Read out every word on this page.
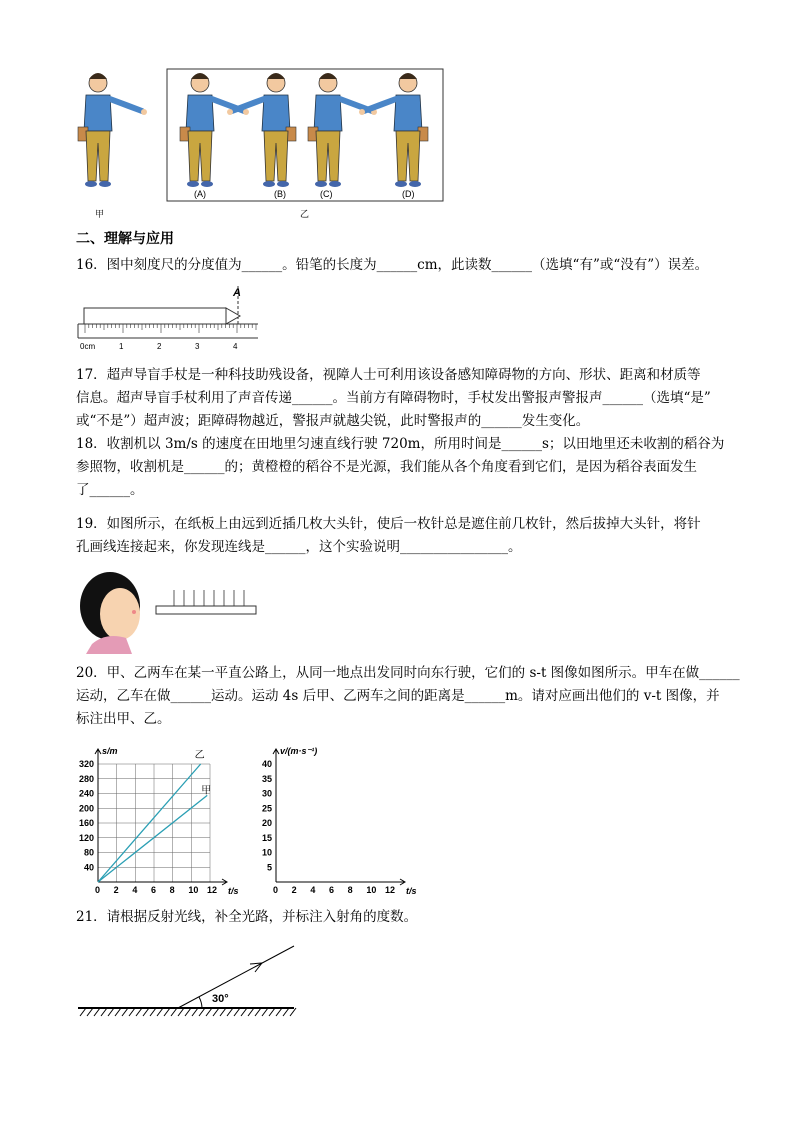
(A)	(B)	(C)	(D)
甲	乙
二、理解与应用
16．图中刻度尺的分度值为______。铅笔的长度为______cm，此读数______（选填“有”或“没有”）误差。
A
0cm	1	2	3	4
17．超声导盲手杖是一种科技助残设备，视障人士可利用该设备感知障碍物的方向、形状、距离和材质等
信息。超声导盲手杖利用了声音传递______。当前方有障碍物时，手杖发出警报声警报声______（选填“是”
或“不是”）超声波；距障碍物越近，警报声就越尖锐，此时警报声的______发生变化。
18．收割机以 3m/s 的速度在田地里匀速直线行驶 720m，所用时间是______s；以田地里还未收割的稻谷为
参照物，收割机是______的；黄橙橙的稻谷不是光源，我们能从各个角度看到它们，是因为稻谷表面发生
了______。
19．如图所示，在纸板上由远到近插几枚大头针，使后一枚针总是遮住前几枚针，然后拔掉大头针，将针
孔画线连接起来，你发现连线是______，这个实验说明________________。
20．甲、乙两车在某一平直公路上，从同一地点出发同时向东行驶，它们的 s-t 图像如图所示。甲车在做______
运动，乙车在做______运动。运动 4s 后甲、乙两车之间的距离是______m。请对应画出他们的 v-t 图像，并
标注出甲、乙。
0 2 4 6 8 10 12
40
80
120
160
200
240
280
320
s/m
t/s
乙
甲
0 2 4 6 8 10 12
5
10
15
20
25
30
35
40
v/(m·s⁻¹)
t/s
21．请根据反射光线，补全光路，并标注入射角的度数。
30°
